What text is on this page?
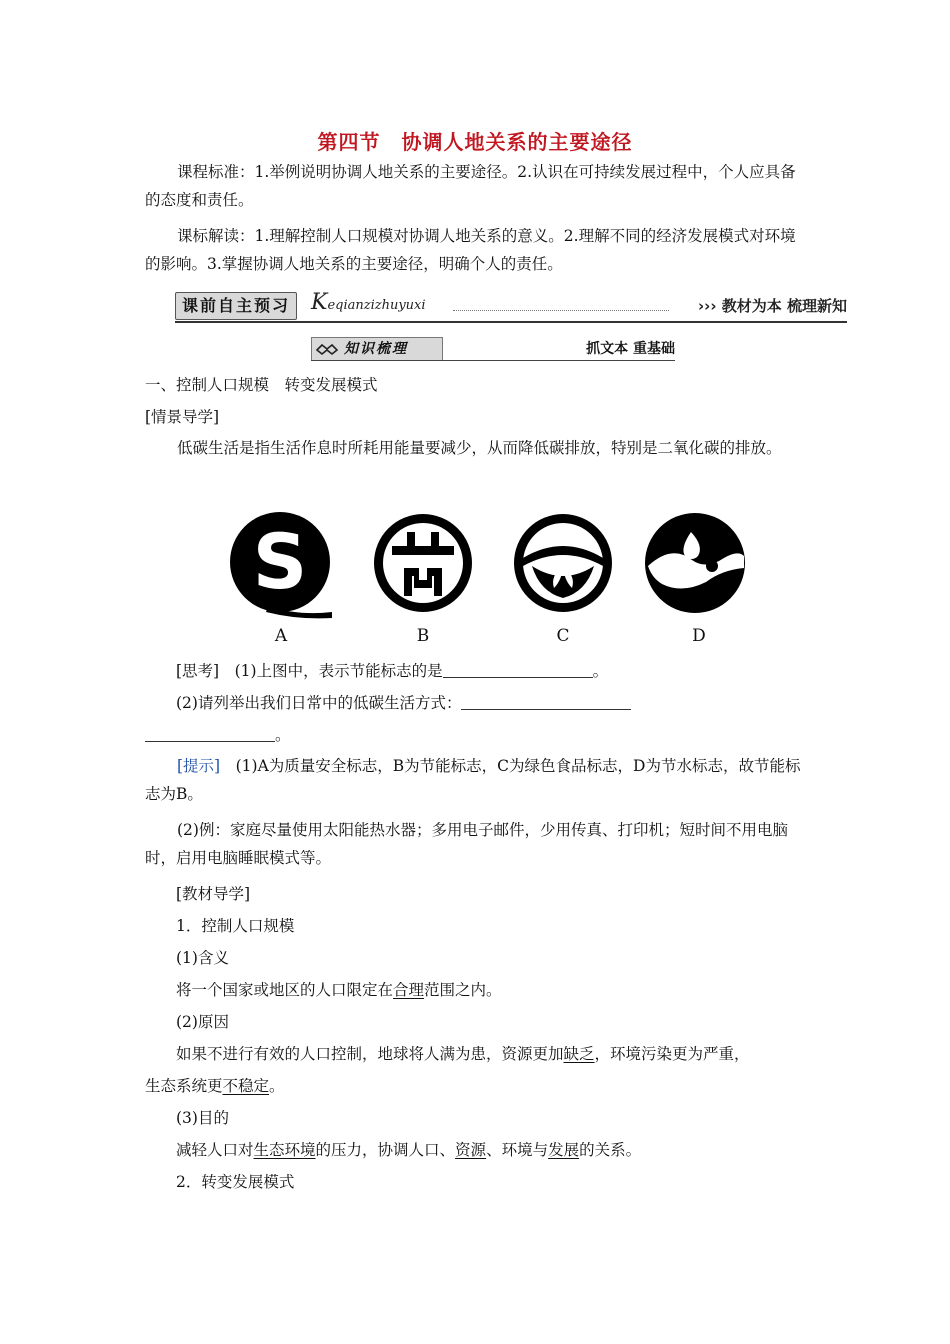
第四节　协调人地关系的主要途径
课程标准：1.举例说明协调人地关系的主要途径。2.认识在可持续发展过程中，个人应具备的态度和责任。
课标解读：1.理解控制人口规模对协调人地关系的意义。2.理解不同的经济发展模式对环境的影响。3.掌握协调人地关系的主要途径，明确个人的责任。
课前自主预习 Keqianzizhuyuxi	››› 教材为本 梳理新知
知识梳理	抓文本 重基础
一、控制人口规模　转变发展模式
[情景导学]
低碳生活是指生活作息时所耗用能量要减少，从而降低碳排放，特别是二氧化碳的排放。
S
A	B	C	D
[思考]　 (1)上图中，表示节能标志的是	。
(2)请列举出我们日常中的低碳生活方式：
。
[提示]　 (1)A为质量安全标志，B为节能标志，C为绿色食品标志，D为节水标志，故节能标志为B。
(2)例：家庭尽量使用太阳能热水器；多用电子邮件，少用传真、打印机；短时间不用电脑时，启用电脑睡眠模式等。
[教材导学]
1．控制人口规模
(1)含义
将一个国家或地区的人口限定在合理范围之内。
(2)原因
如果不进行有效的人口控制，地球将人满为患，资源更加缺乏，环境污染更为严重，
生态系统更不稳定。
(3)目的
减轻人口对生态环境的压力，协调人口、资源、环境与发展的关系。
2．转变发展模式
